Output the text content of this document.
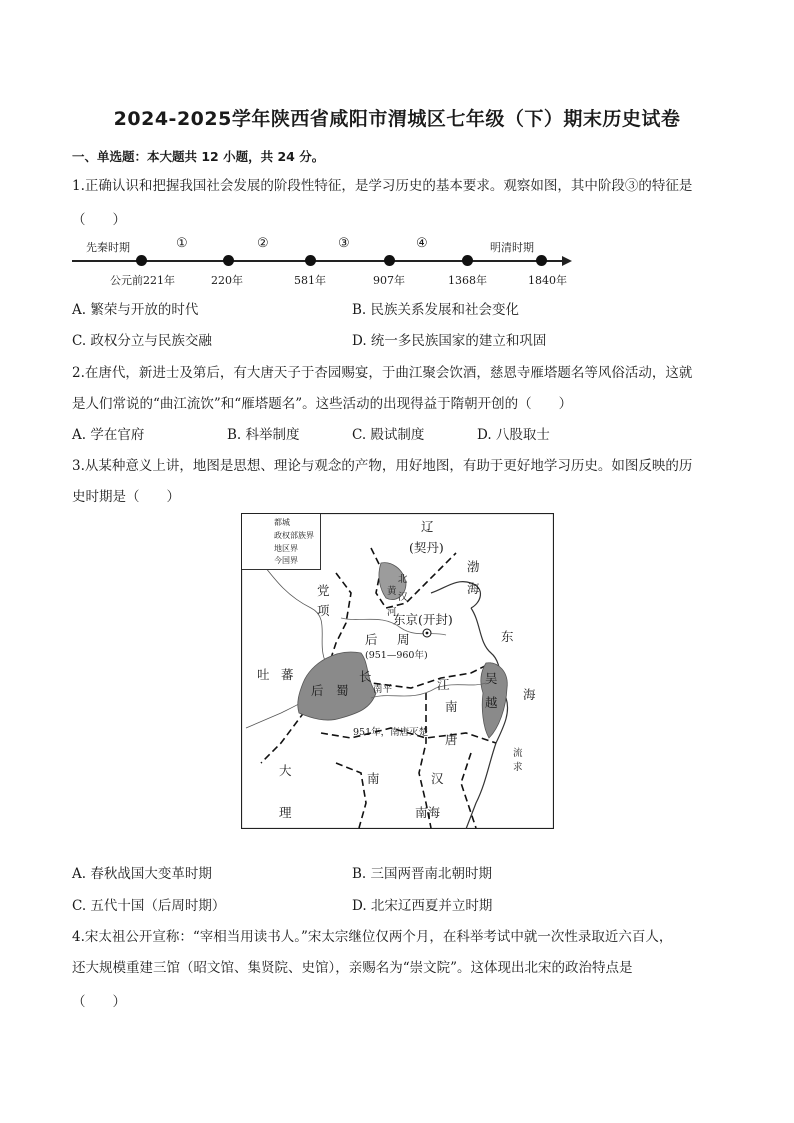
2024-2025学年陕西省咸阳市渭城区七年级（下）期末历史试卷
一、单选题：本大题共 12 小题，共 24 分。
1.正确认识和把握我国社会发展的阶段性特征，是学习历史的基本要求。观察如图，其中阶段③的特征是
（　　）
先秦时期	①	②	③	④	明清时期
公元前221年	220年	581年	907年	1368年	1840年
A. 繁荣与开放的时代	B. 民族关系发展和社会变化
C. 政权分立与民族交融	D. 统一多民族国家的建立和巩固
2.在唐代，新进士及第后，有大唐天子于杏园赐宴，于曲江聚会饮酒，慈恩寺雁塔题名等风俗活动，这就
是人们常说的“曲江流饮”和“雁塔题名”。这些活动的出现得益于隋朝开创的（　　）
A. 学在官府	B. 科举制度	C. 殿试制度	D. 八股取士
3.从某种意义上讲，地图是思想、理论与观念的产物，用好地图，有助于更好地学习历史。如图反映的历
史时期是（　　）
都城
政权部族界
地区界
今国界
辽
(契丹)
渤
海
党
项
北
黄
汉
河
东京(开封)
后 周
(951—960年)
东
海
吐 蕃
后　蜀
长
南平	江	吴
越
南
唐
951年，南唐灭楚
流
求
大
理
南	汉
南海
A. 春秋战国大变革时期	B. 三国两晋南北朝时期
C. 五代十国（后周时期）	D. 北宋辽西夏并立时期
4.宋太祖公开宣称：“宰相当用读书人。”宋太宗继位仅两个月，在科举考试中就一次性录取近六百人，
还大规模重建三馆（昭文馆、集贤院、史馆），亲赐名为“崇文院”。这体现出北宋的政治特点是
（　　）
